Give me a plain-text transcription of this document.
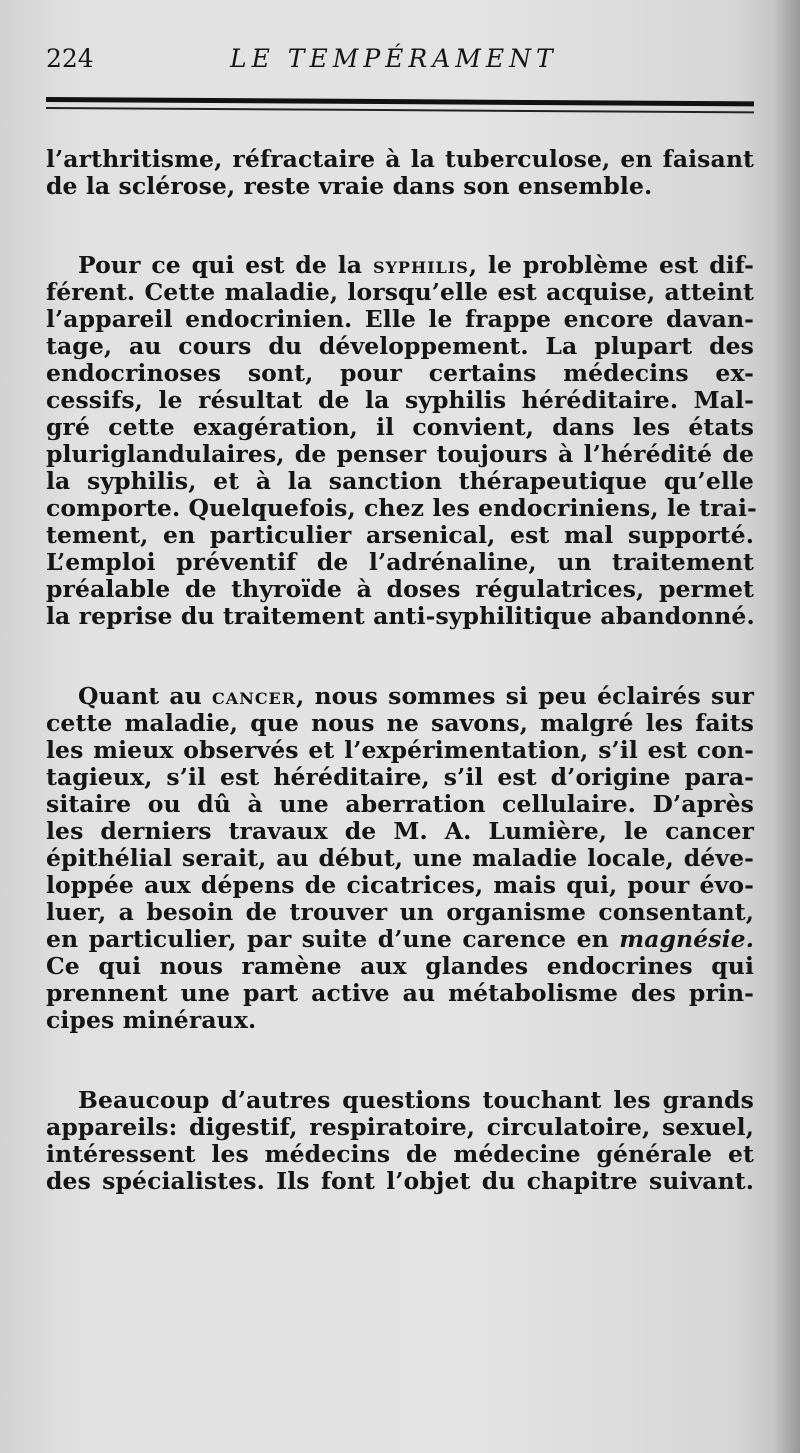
224	LE TEMPÉRAMENT
l’arthritisme, réfractaire à la tuberculose, en faisant
de la sclérose, reste vraie dans son ensemble.
Pour ce qui est de la syphilis, le problème est dif-
férent. Cette maladie, lorsqu’elle est acquise, atteint
l’appareil endocrinien. Elle le frappe encore davan-
tage, au cours du développement. La plupart des
endocrinoses sont, pour certains médecins ex-
cessifs, le résultat de la syphilis héréditaire. Mal-
gré cette exagération, il convient, dans les états
pluriglandulaires, de penser toujours à l’hérédité de
la syphilis, et à la sanction thérapeutique qu’elle
comporte. Quelquefois, chez les endocriniens, le trai-
tement, en particulier arsenical, est mal supporté.
L’emploi préventif de l’adrénaline, un traitement
préalable de thyroïde à doses régulatrices, permet
la reprise du traitement anti-syphilitique abandonné.
Quant au cancer, nous sommes si peu éclairés sur
cette maladie, que nous ne savons, malgré les faits
les mieux observés et l’expérimentation, s’il est con-
tagieux, s’il est héréditaire, s’il est d’origine para-
sitaire ou dû à une aberration cellulaire. D’après
les derniers travaux de M. A. Lumière, le cancer
épithélial serait, au début, une maladie locale, déve-
loppée aux dépens de cicatrices, mais qui, pour évo-
luer, a besoin de trouver un organisme consentant,
en particulier, par suite d’une carence en magnésie.
Ce qui nous ramène aux glandes endocrines qui
prennent une part active au métabolisme des prin-
cipes minéraux.
Beaucoup d’autres questions touchant les grands
appareils: digestif, respiratoire, circulatoire, sexuel,
intéressent les médecins de médecine générale et
des spécialistes. Ils font l’objet du chapitre suivant.
